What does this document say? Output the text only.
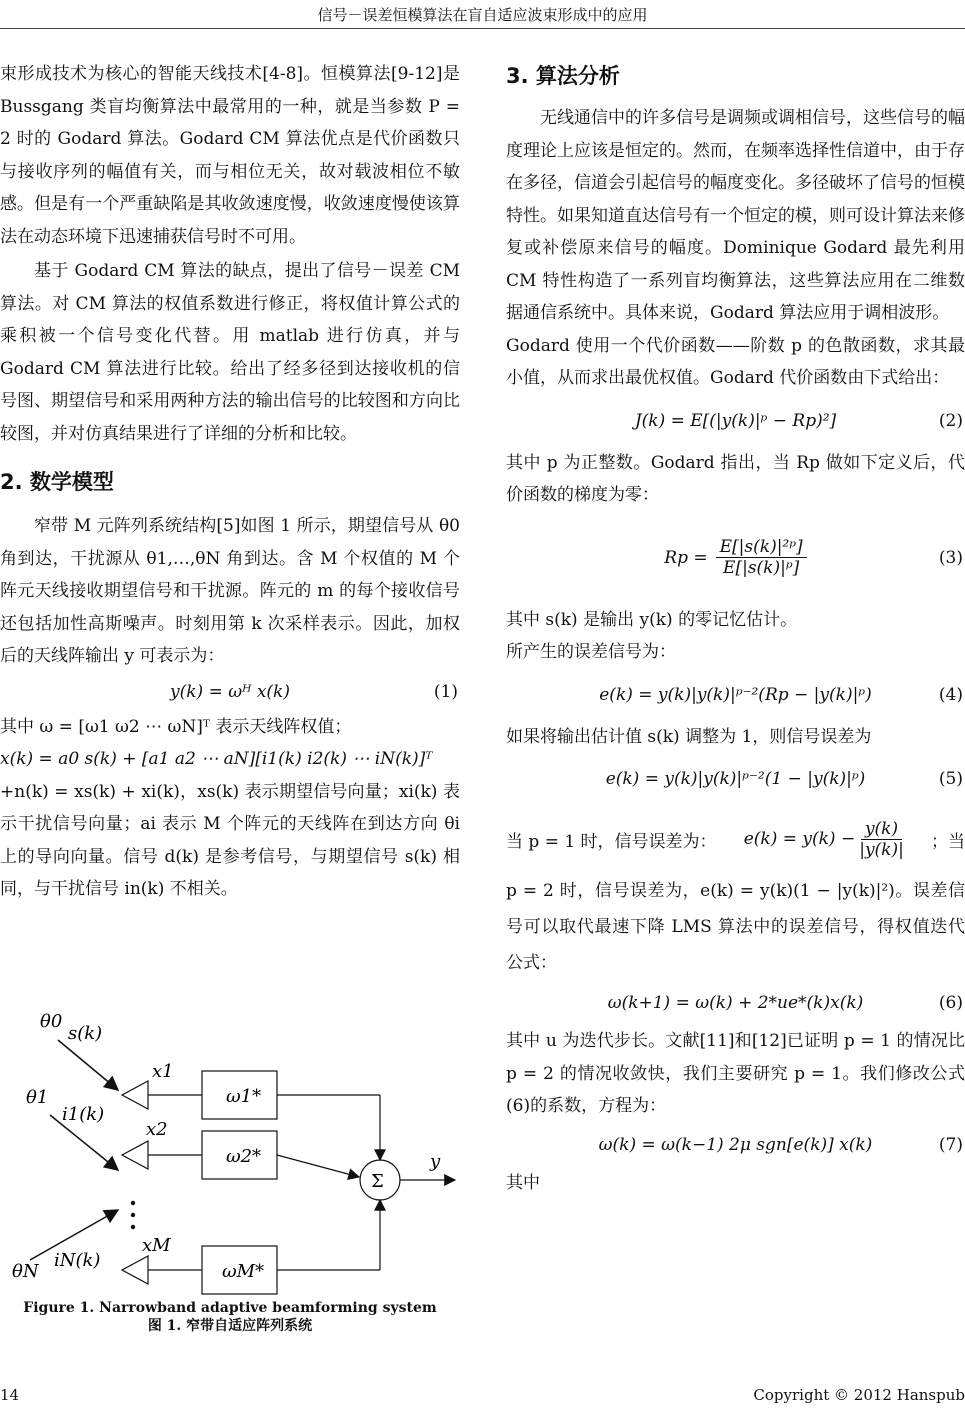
信号－误差恒模算法在盲自适应波束形成中的应用

束形成技术为核心的智能天线技术[4-8]。恒模算法[9-12]是 Bussgang 类盲均衡算法中最常用的一种，就是当参数 P = 2 时的 Godard 算法。Godard CM 算法优点是代价函数只与接收序列的幅值有关，而与相位无关，故对载波相位不敏感。但是有一个严重缺陷是其收敛速度慢，收敛速度慢使该算法在动态环境下迅速捕获信号时不可用。

基于 Godard CM 算法的缺点，提出了信号－误差 CM 算法。对 CM 算法的权值系数进行修正，将权值计算公式的乘积被一个信号变化代替。用 matlab 进行仿真，并与 Godard CM 算法进行比较。给出了经多径到达接收机的信号图、期望信号和采用两种方法的输出信号的比较图和方向比较图，并对仿真结果进行了详细的分析和比较。

2. 数学模型

窄带 M 元阵列系统结构[5]如图 1 所示，期望信号从 θ0 角到达，干扰源从 θ1,…,θN 角到达。含 M 个权值的 M 个阵元天线接收期望信号和干扰源。阵元的 m 的每个接收信号还包括加性高斯噪声。时刻用第 k 次采样表示。因此，加权后的天线阵输出 y 可表示为：

y(k) = ωᴴ x(k)	(1)

其中 ω = [ω1 ω2 ⋯ ωN]ᵀ 表示天线阵权值；

x(k) = a0 s(k) + [a1 a2 ⋯ aN][i1(k) i2(k) ⋯ iN(k)]ᵀ

+n(k) = xs(k) + xi(k)，xs(k) 表示期望信号向量；xi(k) 表示干扰信号向量；ai 表示 M 个阵元的天线阵在到达方向 θi 上的导向向量。信号 d(k) 是参考信号，与期望信号 s(k) 相同，与干扰信号 in(k) 不相关。

θ0
s(k)
θ1
i1(k)
θN
iN(k)
x1
x2
xM
ω1*
ω2*
ωM*
Σ
y
Figure 1. Narrowband adaptive beamforming system
图 1. 窄带自适应阵列系统
3. 算法分析

无线通信中的许多信号是调频或调相信号，这些信号的幅度理论上应该是恒定的。然而，在频率选择性信道中，由于存在多径，信道会引起信号的幅度变化。多径破坏了信号的恒模特性。如果知道直达信号有一个恒定的模，则可设计算法来修复或补偿原来信号的幅度。Dominique Godard 最先利用 CM 特性构造了一系列盲均衡算法，这些算法应用在二维数据通信系统中。具体来说，Godard 算法应用于调相波形。

Godard 使用一个代价函数——阶数 p 的色散函数，求其最小值，从而求出最优权值。Godard 代价函数由下式给出：

J(k) = E[(|y(k)|ᵖ − Rp)²]	(2)

其中 p 为正整数。Godard 指出，当 Rp 做如下定义后，代价函数的梯度为零：

$Rp = \frac{\text{E[|s(k)|²ᵖ]}}{\text{E[|s(k)|ᵖ]}}$	(3)

其中 s(k) 是输出 y(k) 的零记忆估计。

所产生的误差信号为：

e(k) = y(k)|y(k)|ᵖ⁻²(Rp − |y(k)|ᵖ)	(4)

如果将输出估计值 s(k) 调整为 1，则信号误差为

e(k) = y(k)|y(k)|ᵖ⁻²(1 − |y(k)|ᵖ)	(5)
当 p = 1 时，信号误差为： $e(k) = y(k) - \frac{y(k)}{|y(k)|}$ ；当

p = 2 时，信号误差为，e(k) = y(k)(1 − |y(k)|²)。误差信号可以取代最速下降 LMS 算法中的误差信号，得权值迭代公式：

ω(k+1) = ω(k) + 2*ue*(k)x(k)	(6)

其中 u 为迭代步长。文献[11]和[12]已证明 p = 1 的情况比 p = 2 的情况收敛快，我们主要研究 p = 1。我们修改公式(6)的系数，方程为：

ω(k) = ω(k−1) 2μ sgn[e(k)] x(k)	(7)

其中

14	Copyright © 2012 Hanspub
